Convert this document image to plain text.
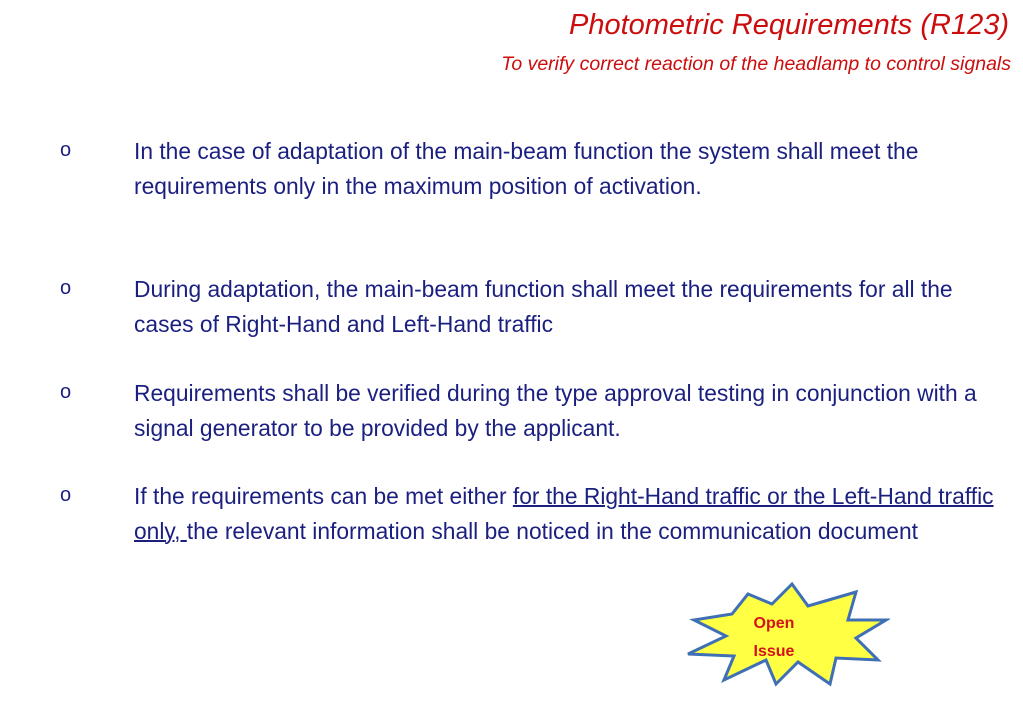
Photometric Requirements (R123)
To verify correct reaction of the headlamp to control signals
o	In the case of adaptation of the main-beam function the system shall meet the requirements only in the maximum position of activation.
o	During adaptation, the main-beam function shall meet the requirements for all the cases of Right-Hand and Left-Hand traffic
o	Requirements shall be verified during the type approval testing in conjunction with a signal generator to be provided by the applicant.
o	If the requirements can be met either for the Right-Hand traffic or the Left-Hand traffic only, the relevant information shall be noticed in the communication document
Open
Issue
